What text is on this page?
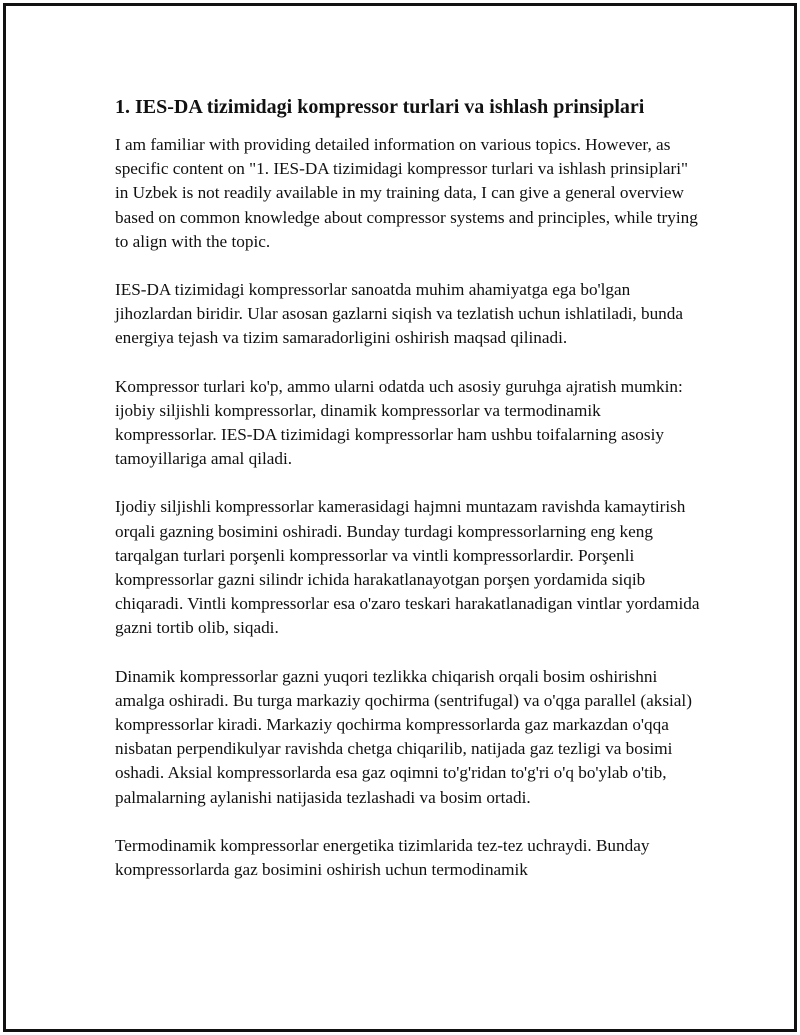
1. IES-DA tizimidagi kompressor turlari va ishlash prinsiplari

I am familiar with providing detailed information on various topics. However, as specific content on "1. IES-DA tizimidagi kompressor turlari va ishlash prinsiplari" in Uzbek is not readily available in my training data, I can give a general overview based on common knowledge about compressor systems and principles, while trying to align with the topic.

IES-DA tizimidagi kompressorlar sanoatda muhim ahamiyatga ega bo'lgan jihozlardan biridir. Ular asosan gazlarni siqish va tezlatish uchun ishlatiladi, bunda energiya tejash va tizim samaradorligini oshirish maqsad qilinadi.

Kompressor turlari ko'p, ammo ularni odatda uch asosiy guruhga ajratish mumkin: ijobiy siljishli kompressorlar, dinamik kompressorlar va termodinamik kompressorlar. IES-DA tizimidagi kompressorlar ham ushbu toifalarning asosiy tamoyillariga amal qiladi.

Ijodiy siljishli kompressorlar kamerasidagi hajmni muntazam ravishda kamaytirish orqali gazning bosimini oshiradi. Bunday turdagi kompressorlarning eng keng tarqalgan turlari porşenli kompressorlar va vintli kompressorlardir. Porşenli kompressorlar gazni silindr ichida harakatlanayotgan porşen yordamida siqib chiqaradi. Vintli kompressorlar esa o'zaro teskari harakatlanadigan vintlar yordamida gazni tortib olib, siqadi.

Dinamik kompressorlar gazni yuqori tezlikka chiqarish orqali bosim oshirishni amalga oshiradi. Bu turga markaziy qochirma (sentrifugal) va o'qga parallel (aksial) kompressorlar kiradi. Markaziy qochirma kompressorlarda gaz markazdan o'qqa nisbatan perpendikulyar ravishda chetga chiqarilib, natijada gaz tezligi va bosimi oshadi. Aksial kompressorlarda esa gaz oqimni to'g'ridan to'g'ri o'q bo'ylab o'tib, palmalarning aylanishi natijasida tezlashadi va bosim ortadi.

Termodinamik kompressorlar energetika tizimlarida tez-tez uchraydi. Bunday kompressorlarda gaz bosimini oshirish uchun termodinamik
